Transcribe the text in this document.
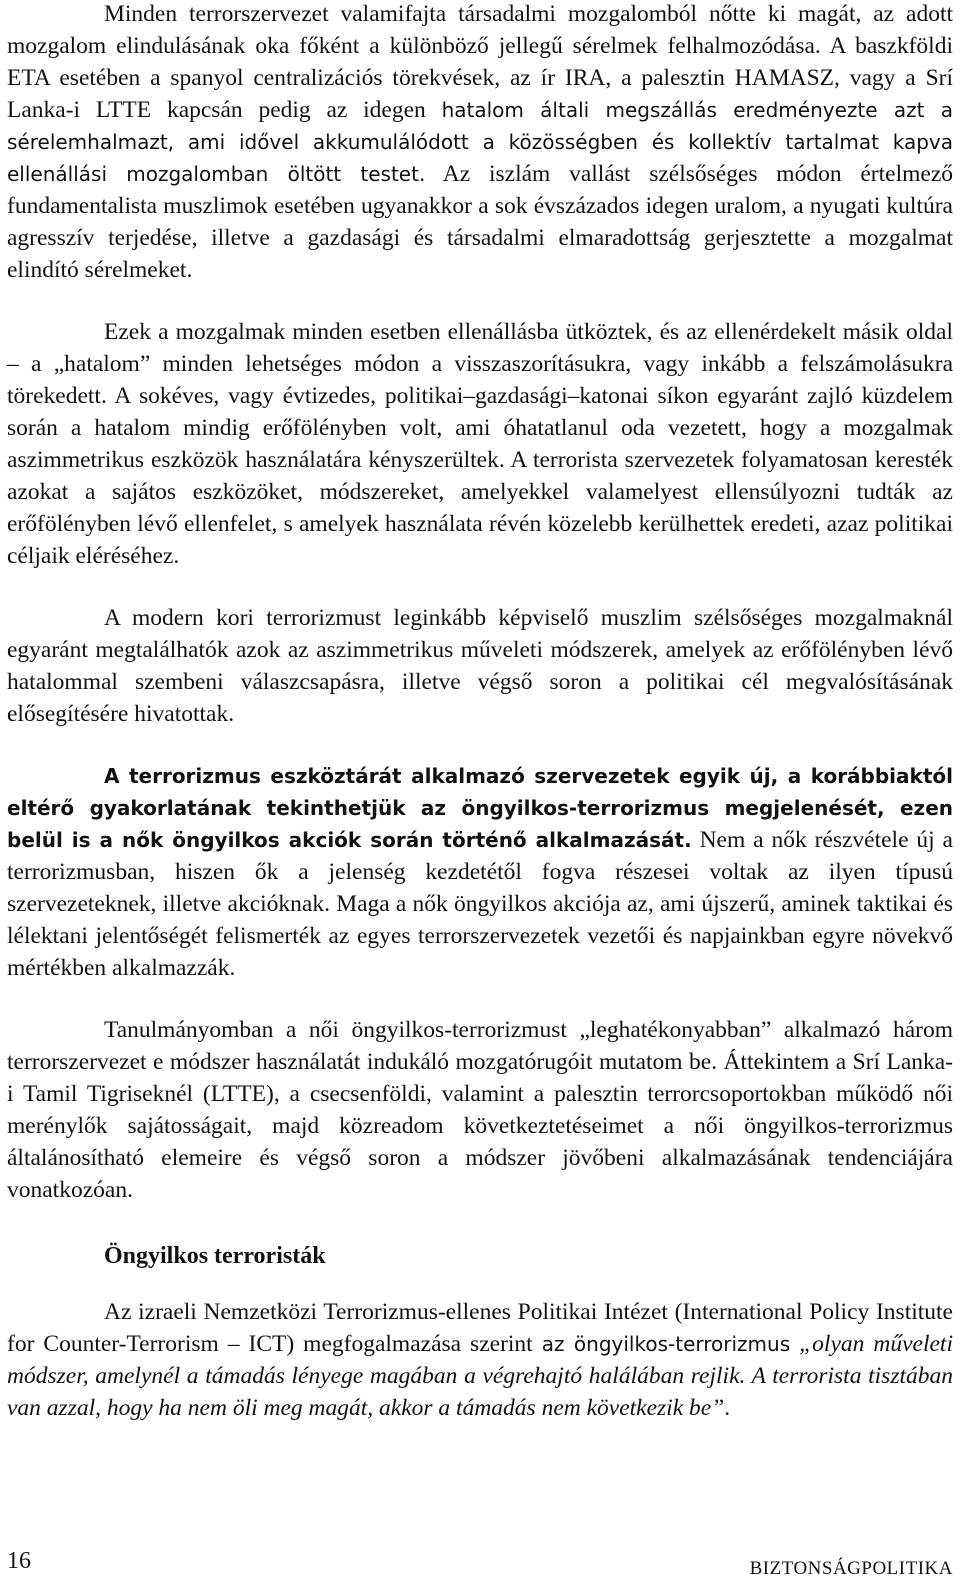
Minden terrorszervezet valamifajta társadalmi mozgalomból nőtte ki magát, az adott mozgalom elindulásának oka főként a különböző jellegű sérelmek felhalmozódása. A baszkföldi ETA esetében a spanyol centralizációs törekvések, az ír IRA, a palesztin HAMASZ, vagy a Srí Lanka-i LTTE kapcsán pedig az idegen hatalom általi megszállás eredményezte azt a sérelemhalmazt, ami idővel akkumulálódott a közösségben és kollektív tartalmat kapva ellenállási mozgalomban öltött testet. Az iszlám vallást szélsőséges módon értelmező fundamentalista muszlimok esetében ugyanakkor a sok évszázados idegen uralom, a nyugati kultúra agresszív terjedése, illetve a gazdasági és társadalmi elmaradottság gerjesztette a mozgalmat elindító sérelmeket.

Ezek a mozgalmak minden esetben ellenállásba ütköztek, és az ellenérdekelt másik oldal – a „hatalom” minden lehetséges módon a visszaszorításukra, vagy inkább a felszámolásukra törekedett. A sokéves, vagy évtizedes, politikai–gazdasági–katonai síkon egyaránt zajló küzdelem során a hatalom mindig erőfölényben volt, ami óhatatlanul oda vezetett, hogy a mozgalmak aszimmetrikus eszközök használatára kényszerültek. A terrorista szervezetek folyamatosan keresték azokat a sajátos eszközöket, módszereket, amelyekkel valamelyest ellensúlyozni tudták az erőfölényben lévő ellenfelet, s amelyek használata révén közelebb kerülhettek eredeti, azaz politikai céljaik eléréséhez.

A modern kori terrorizmust leginkább képviselő muszlim szélsőséges mozgalmaknál egyaránt megtalálhatók azok az aszimmetrikus műveleti módszerek, amelyek az erőfölényben lévő hatalommal szembeni válaszcsapásra, illetve végső soron a politikai cél megvalósításának elősegítésére hivatottak.

A terrorizmus eszköztárát alkalmazó szervezetek egyik új, a korábbiaktól eltérő gyakorlatának tekinthetjük az öngyilkos-terrorizmus megjelenését, ezen belül is a nők öngyilkos akciók során történő alkalmazását. Nem a nők részvétele új a terrorizmusban, hiszen ők a jelenség kezdetétől fogva részesei voltak az ilyen típusú szervezeteknek, illetve akcióknak. Maga a nők öngyilkos akciója az, ami újszerű, aminek taktikai és lélektani jelentőségét felismerték az egyes terrorszervezetek vezetői és napjainkban egyre növekvő mértékben alkalmazzák.

Tanulmányomban a női öngyilkos-terrorizmust „leghatékonyabban” alkalmazó három terrorszervezet e módszer használatát indukáló mozgatórugóit mutatom be. Áttekintem a Srí Lanka-i Tamil Tigriseknél (LTTE), a csecsenföldi, valamint a palesztin terrorcsoportokban működő női merénylők sajátosságait, majd közreadom következtetéseimet a női öngyilkos-terrorizmus általánosítható elemeire és végső soron a módszer jövőbeni alkalmazásának tendenciájára vonatkozóan.

Öngyilkos terroristák

Az izraeli Nemzetközi Terrorizmus-ellenes Politikai Intézet (International Policy Institute for Counter-Terrorism – ICT) megfogalmazása szerint az öngyilkos-terrorizmus „olyan műveleti módszer, amelynél a támadás lényege magában a végrehajtó halálában rejlik. A terrorista tisztában van azzal, hogy ha nem öli meg magát, akkor a támadás nem következik be”.

16	BIZTONSÁGPOLITIKA
